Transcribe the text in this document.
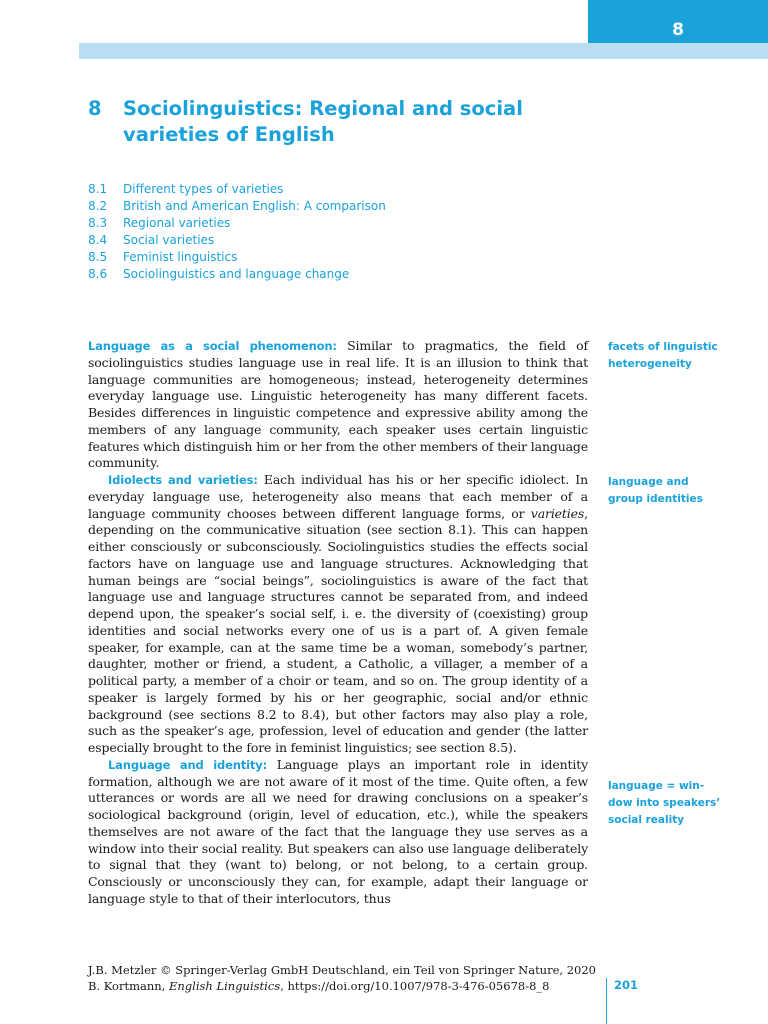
8
8	Sociolinguistics: Regional and social
varieties of English
8.1	Different types of varieties
8.2	British and American English: A comparison
8.3	Regional varieties
8.4	Social varieties
8.5	Feminist linguistics
8.6	Sociolinguistics and language change

Language as a social phenomenon: Similar to pragmatics, the field of sociolinguistics studies language use in real life. It is an illusion to think that language communities are homogeneous; instead, heterogeneity determines everyday language use. Linguistic heterogeneity has many different facets. Besides differences in linguistic competence and expressive ability among the members of any language community, each speaker uses certain linguistic features which distinguish him or her from the other members of their language community.

Idiolects and varieties: Each individual has his or her specific idiolect. In everyday language use, heterogeneity also means that each member of a language community chooses between different language forms, or varieties, depending on the communicative situation (see section 8.1). This can happen either consciously or subconsciously. Sociolinguistics studies the effects social factors have on language use and language structures. Acknowledging that human beings are “social beings”, sociolinguistics is aware of the fact that language use and language structures cannot be separated from, and indeed depend upon, the speaker’s social self, i. e. the diversity of (coexisting) group identities and social networks every one of us is a part of. A given female speaker, for example, can at the same time be a woman, somebody’s partner, daughter, mother or friend, a student, a Catholic, a villager, a member of a political party, a member of a choir or team, and so on. The group identity of a speaker is largely formed by his or her geographic, social and/or ethnic background (see sections 8.2 to 8.4), but other factors may also play a role, such as the speaker’s age, profession, level of education and gender (the latter especially brought to the fore in feminist linguistics; see section 8.5).

Language and identity: Language plays an important role in identity formation, although we are not aware of it most of the time. Quite often, a few utterances or words are all we need for drawing conclusions on a speaker’s sociological background (origin, level of education, etc.), while the speakers themselves are not aware of the fact that the language they use serves as a window into their social reality. But speakers can also use language deliberately to signal that they (want to) belong, or not belong, to a certain group. Consciously or unconsciously they can, for example, adapt their language or language style to that of their interlocutors, thus

facets of linguistic
heterogeneity
language and
group identities
language = win-
dow into speakers’
social reality
J.B. Metzler © Springer-Verlag GmbH Deutschland, ein Teil von Springer Nature, 2020
B. Kortmann, English Linguistics, https://doi.org/10.1007/978-3-476-05678-8_8	201
